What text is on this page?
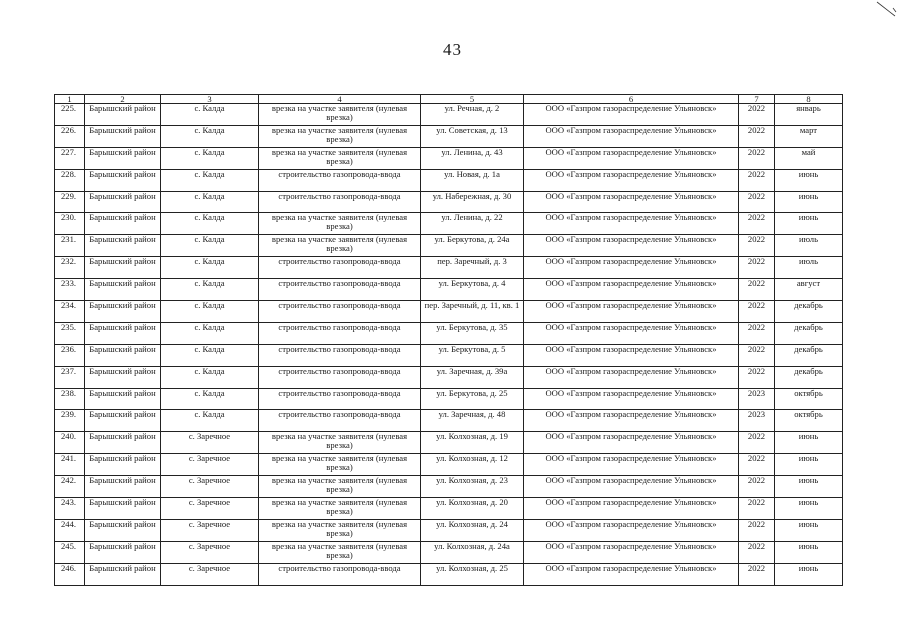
43
1	2	3	4	5	6	7	8
225.	Барышский район	с. Калда	врезка на участке заявителя (нулевая врезка)	ул. Речная, д. 2	ООО «Газпром газораспределение Ульяновск»	2022	январь
226.	Барышский район	с. Калда	врезка на участке заявителя (нулевая врезка)	ул. Советская, д. 13	ООО «Газпром газораспределение Ульяновск»	2022	март
227.	Барышский район	с. Калда	врезка на участке заявителя (нулевая врезка)	ул. Ленина, д. 43	ООО «Газпром газораспределение Ульяновск»	2022	май
228.	Барышский район	с. Калда	строительство газопровода-ввода	ул. Новая, д. 1а	ООО «Газпром газораспределение Ульяновск»	2022	июнь
229.	Барышский район	с. Калда	строительство газопровода-ввода	ул. Набережная, д. 30	ООО «Газпром газораспределение Ульяновск»	2022	июнь
230.	Барышский район	с. Калда	врезка на участке заявителя (нулевая врезка)	ул. Ленина, д. 22	ООО «Газпром газораспределение Ульяновск»	2022	июнь
231.	Барышский район	с. Калда	врезка на участке заявителя (нулевая врезка)	ул. Беркутова, д. 24а	ООО «Газпром газораспределение Ульяновск»	2022	июль
232.	Барышский район	с. Калда	строительство газопровода-ввода	пер. Заречный, д. 3	ООО «Газпром газораспределение Ульяновск»	2022	июль
233.	Барышский район	с. Калда	строительство газопровода-ввода	ул. Беркутова, д. 4	ООО «Газпром газораспределение Ульяновск»	2022	август
234.	Барышский район	с. Калда	строительство газопровода-ввода	пер. Заречный, д. 11, кв. 1	ООО «Газпром газораспределение Ульяновск»	2022	декабрь
235.	Барышский район	с. Калда	строительство газопровода-ввода	ул. Беркутова, д. 35	ООО «Газпром газораспределение Ульяновск»	2022	декабрь
236.	Барышский район	с. Калда	строительство газопровода-ввода	ул. Беркутова, д. 5	ООО «Газпром газораспределение Ульяновск»	2022	декабрь
237.	Барышский район	с. Калда	строительство газопровода-ввода	ул. Заречная, д. 39а	ООО «Газпром газораспределение Ульяновск»	2022	декабрь
238.	Барышский район	с. Калда	строительство газопровода-ввода	ул. Беркутова, д. 25	ООО «Газпром газораспределение Ульяновск»	2023	октябрь
239.	Барышский район	с. Калда	строительство газопровода-ввода	ул. Заречная, д. 48	ООО «Газпром газораспределение Ульяновск»	2023	октябрь
240.	Барышский район	с. Заречное	врезка на участке заявителя (нулевая врезка)	ул. Колхозная, д. 19	ООО «Газпром газораспределение Ульяновск»	2022	июнь
241.	Барышский район	с. Заречное	врезка на участке заявителя (нулевая врезка)	ул. Колхозная, д. 12	ООО «Газпром газораспределение Ульяновск»	2022	июнь
242.	Барышский район	с. Заречное	врезка на участке заявителя (нулевая врезка)	ул. Колхозная, д. 23	ООО «Газпром газораспределение Ульяновск»	2022	июнь
243.	Барышский район	с. Заречное	врезка на участке заявителя (нулевая врезка)	ул. Колхозная, д. 20	ООО «Газпром газораспределение Ульяновск»	2022	июнь
244.	Барышский район	с. Заречное	врезка на участке заявителя (нулевая врезка)	ул. Колхозная, д. 24	ООО «Газпром газораспределение Ульяновск»	2022	июнь
245.	Барышский район	с. Заречное	врезка на участке заявителя (нулевая врезка)	ул. Колхозная, д. 24а	ООО «Газпром газораспределение Ульяновск»	2022	июнь
246.	Барышский район	с. Заречное	строительство газопровода-ввода	ул. Колхозная, д. 25	ООО «Газпром газораспределение Ульяновск»	2022	июнь
